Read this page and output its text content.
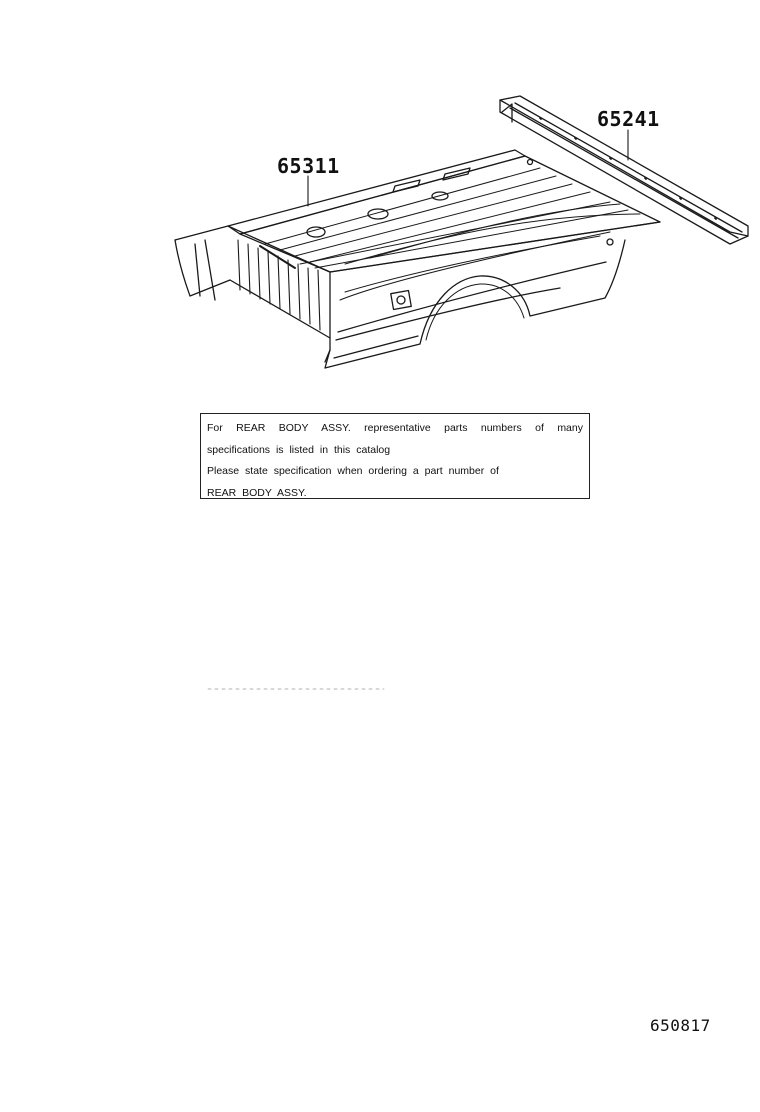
65311
65241
For REAR BODY ASSY. representative parts numbers of many
specifications is listed in this catalog
Please state specification when ordering a part number of
REAR BODY ASSY.
650817
